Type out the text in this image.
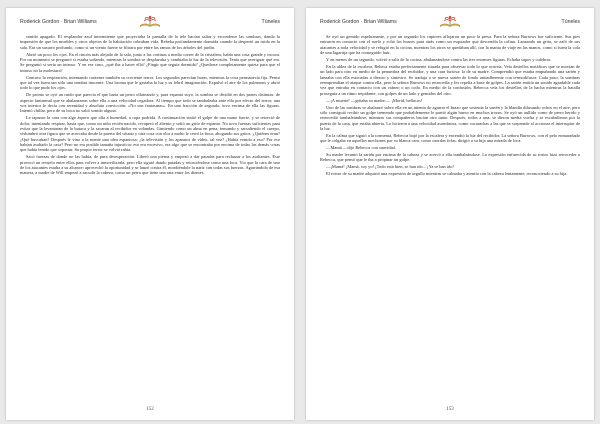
Roderick Gordon · Brian Williams	Túneles

sonido apagado. El resplandor azul intermitente que proyectaba la pantalla de la tele hacían saltar y esconderse las sombras, dando la impresión de que los muebles y otros objetos de la habitación cobraban vida. Rebeka profundamente dormida cuando la despertó un ruido en la sala. Era un susurro profundo, como si un viento fuerte se filtrara por entre las ramas de los árboles del jardín.

Abrió un poco los ojos. En el rincón más alejado de la sala, junto a las cortinas a medio correr de la cristalera, había una cosa grande y oscura. Por un momento se preguntó si estaba soñando, mientras la sombra se desplazaba y cambiaba la luz de la televisión. Tenía que averiguar qué era. Se preguntó si sería un intruso. Y en ese caso, ¿qué iba a hacer ella? ¿Fingir que seguía dormida? ¿Quedarse completamente quieta para que el intruso no la molestara?

Contuvo la respiración, intentando contener también su creciente terror. Los segundos parecían horas, mientras la cosa permanecía fija. Pensó que tal vez fuera tan sólo una sombra inocente. Una broma que le gastaba la luz y su febril imaginación. Expulsó el aire de los pulmones y abrió todo lo que pudo los ojos.

De pronto se oyó un ruido que parecía el que haría un perro olfateando y, para espanto suyo, la sombra se dividió en dos partes distintas: de aspecto fantasmal que se abalanzaron sobre ella a una velocidad cegadora. Al tiempo que todo se tambaleaba ante ella por efecto del terror, una voz interior le decía con serenidad y absoluta convicción: «No son fantasmas». En una fracción de segundo, tuvo encima de ella las figuras. Intentó chillar, pero de su boca no salió sonido alguno.

Le taparon la cara con algo áspero que olía a humedad, a ropa podrida. A continuación sintió el golpe de una mano fuerte, y se retorció de dolor, intentando respirar, hasta que, como un niño recién nacido, recuperó el aliento y soltó un grito de espanto. No tuvo fuerzas suficientes para evitar que la levantaran de la butaca y la sacaran al recibidor en volandas. Gimiendo como un alma en pena, tensando y sacudiendo el cuerpo, vislumbró otra figura que se acercaba desde la puerta del sótano y otra cosa con olor a moho le cerró la boca, ahogando sus gritos. ¿Quiénes eran? ¿Qué buscaban? Después le vino a la mente una idea espantosa: ¿la televisión y los aparatos de vídeo, tal vez? ¿Había venido a eso? Por eso habían asaltado la casa? Pero no era posible tamaña injusticia: eso era excesivo, era algo que se encontraba por encima de todas las demás cosas que había tenido que soportar. Su propio terror se volvió rabia.

Sacó fuerzas de donde no las había, de pura desesperación. Liberó una pierna y empezó a dar patadas para rechazar a los asaltantes. Este provocó un revuelo entre ellos para volver a inmovilizarla, pero ella siguió dando patadas y retorciéndose como una loca. Vio que la cara de uno de los atacantes estaba a su alcance: aprovechó la oportunidad y se lanzó contra él, mordiéndole la nariz con todas sus fuerzas. Agarrándolo de esa manera, a madre de Will empezó a sacudir la cabeza, como un perro que tiene una rata entre los dientes.

152
Roderick Gordon · Brian Williams	Túneles

Se oyó un gemido espeluznante, y por un segundo los captores aflojaron un poco la presa. Para la señora Burrows fue suficiente. Sus pies entraron en contacto con el suelo y echó los brazos para atrás como un esquiador que descendía la colina. Lanzando un grito, se zafó de sus atacantes a toda velocidad y se refugió en la cocina, mientras los otros se quedaban allí, con la manta de viaje en las manos, como si fuera la cola de una lagartija que ha conseguido huir.

Y en menos de un segundo, volvió a salir de la cocina, abalanzándose contra las tres enormes figuras. Echaba sapos y culebras.

En la aldea de la escalera, Rebeca estaba perfectamente situada para observar todo lo que ocurría. Veía destellos metálicos que se movían de un lado para otro en medio de la penumbra del recibidor, y una cara furiosa: la de su madre. Comprendió que estaba empuñando una sartén y lanzaba con ella estocadas a diestro y siniestro. Se tradujo a se nueva sartén de fondo antiadherente con termodifusor. Cada paso, la sombras reemprendían el ataque contra ella, pero la señora Burrows no retrocedía y les repelía a base de golpes. La sartén emitía un sonido agradable cada vez que entraba en contacto con un cráneo o un codo. En medio de la confusión, Rebecca veía los destellos de la hacha mientras la batalla proseguía a un ritmo trepidante, con golpes de un lado y gemidos del otro.

—¡A muerte! —gritaba su madre—. ¡Morid, bellacos!

Uno de las sombras se abalanzó sobre ella en un intento de agarrar el brazo que sostenía la sartén y la blandía difusando ochos en el aire, pero sólo consiguió recibir un golpe tremendo que probablemente le partió algún hueso en muchos trozos. Se oyó un aullido como de perro herido y retrocedió tambaleándose, mientras sus compañeros bacían otro tanto. Después, todos a una, se dieron media vuelta y se escabulleron por la puerta de la casa, que estaba abierta. Lo hicieron a una velocidad asombrosa, como cucarachas a las que se sorprende al accionar el interruptor de la luz.

En la calma que siguió a la tormenta, Rebecca bajó por la escalera y encendió la luz del recibidor. La señora Burrows, con el pelo enmarañado que le colgaba en aquellos mechones por su blanca cara, como cuerdas fofas, dirigió a su hija una mirada de loca.

—Mamá —dijo Rebecca con suavidad.

Su madre levantó la sartén por encima de la cabeza y se acercó a ella tambaleándose. La expresión enfurecida de su rostro hizo retroceder a Rebecca, que pensó que le iba a propinar un golpe.

—¡Mamá! ¡Mamá, soy yo! ¡Todo está bien, se han ido... ¡Ya se han ido!

El rostro de su madre adquirió una expresión de orgullo mientras se calmaba y asentía con la cabeza lentamente, reconociendo a su hija.

153
